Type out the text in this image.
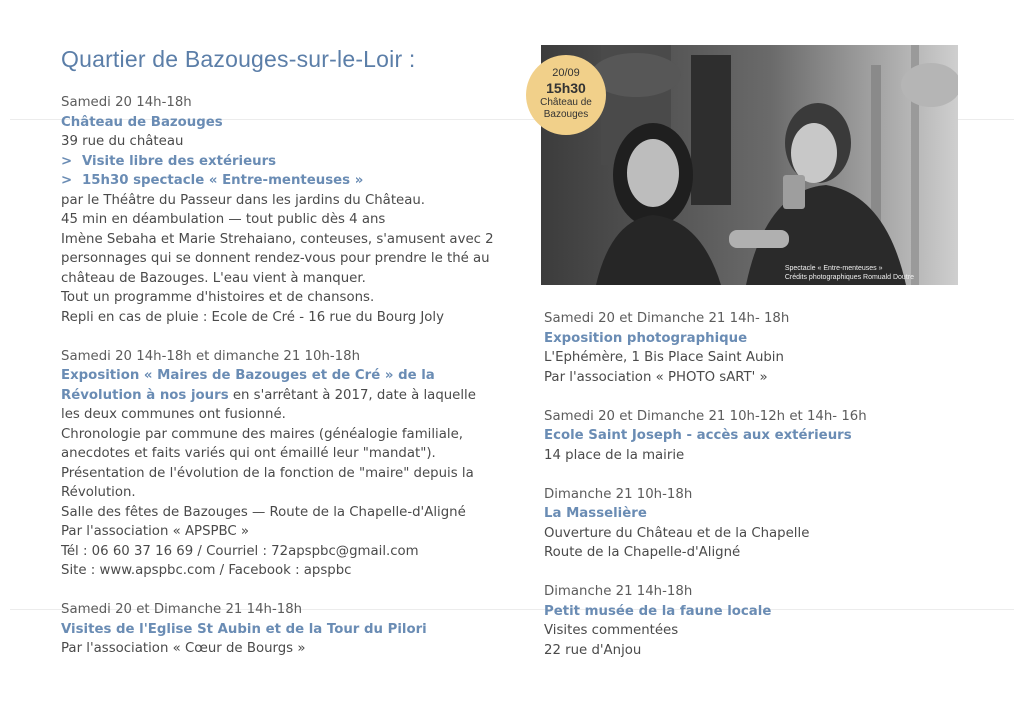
Quartier de Bazouges-sur-le-Loir :
Samedi 20 14h-18h
Château de Bazouges
39 rue du château
> Visite libre des extérieurs
> 15h30 spectacle « Entre-menteuses »
par le Théâtre du Passeur dans les jardins du Château.
45 min en déambulation — tout public dès 4 ans
Imène Sebaha et Marie Strehaiano, conteuses, s'amusent avec 2
personnages qui se donnent rendez-vous pour prendre le thé au
château de Bazouges. L'eau vient à manquer.
Tout un programme d'histoires et de chansons.
Repli en cas de pluie : Ecole de Cré - 16 rue du Bourg Joly
Samedi 20 14h-18h et dimanche 21 10h-18h
Exposition « Maires de Bazouges et de Cré » de la
Révolution à nos jours en s'arrêtant à 2017, date à laquelle
les deux communes ont fusionné.
Chronologie par commune des maires (généalogie familiale,
anecdotes et faits variés qui ont émaillé leur "mandat").
Présentation de l'évolution de la fonction de "maire" depuis la
Révolution.
Salle des fêtes de Bazouges — Route de la Chapelle-d'Aligné
Par l'association « APSPBC »
Tél : 06 60 37 16 69 / Courriel : 72apspbc@gmail.com
Site : www.apspbc.com / Facebook : apspbc
Samedi 20 et Dimanche 21 14h-18h
Visites de l'Eglise St Aubin et de la Tour du Pilori
Par l'association « Cœur de Bourgs »
Spectacle « Entre-menteuses »
Crédits photographiques Romuald Doutre
20/09
15h30
Château de
Bazouges
Samedi 20 et Dimanche 21 14h- 18h
Exposition photographique
L'Ephémère, 1 Bis Place Saint Aubin
Par l'association « PHOTO sART' »
Samedi 20 et Dimanche 21 10h-12h et 14h- 16h
Ecole Saint Joseph - accès aux extérieurs
14 place de la mairie
Dimanche 21 10h-18h
La Masselière
Ouverture du Château et de la Chapelle
Route de la Chapelle-d'Aligné
Dimanche 21 14h-18h
Petit musée de la faune locale
Visites commentées
22 rue d'Anjou
